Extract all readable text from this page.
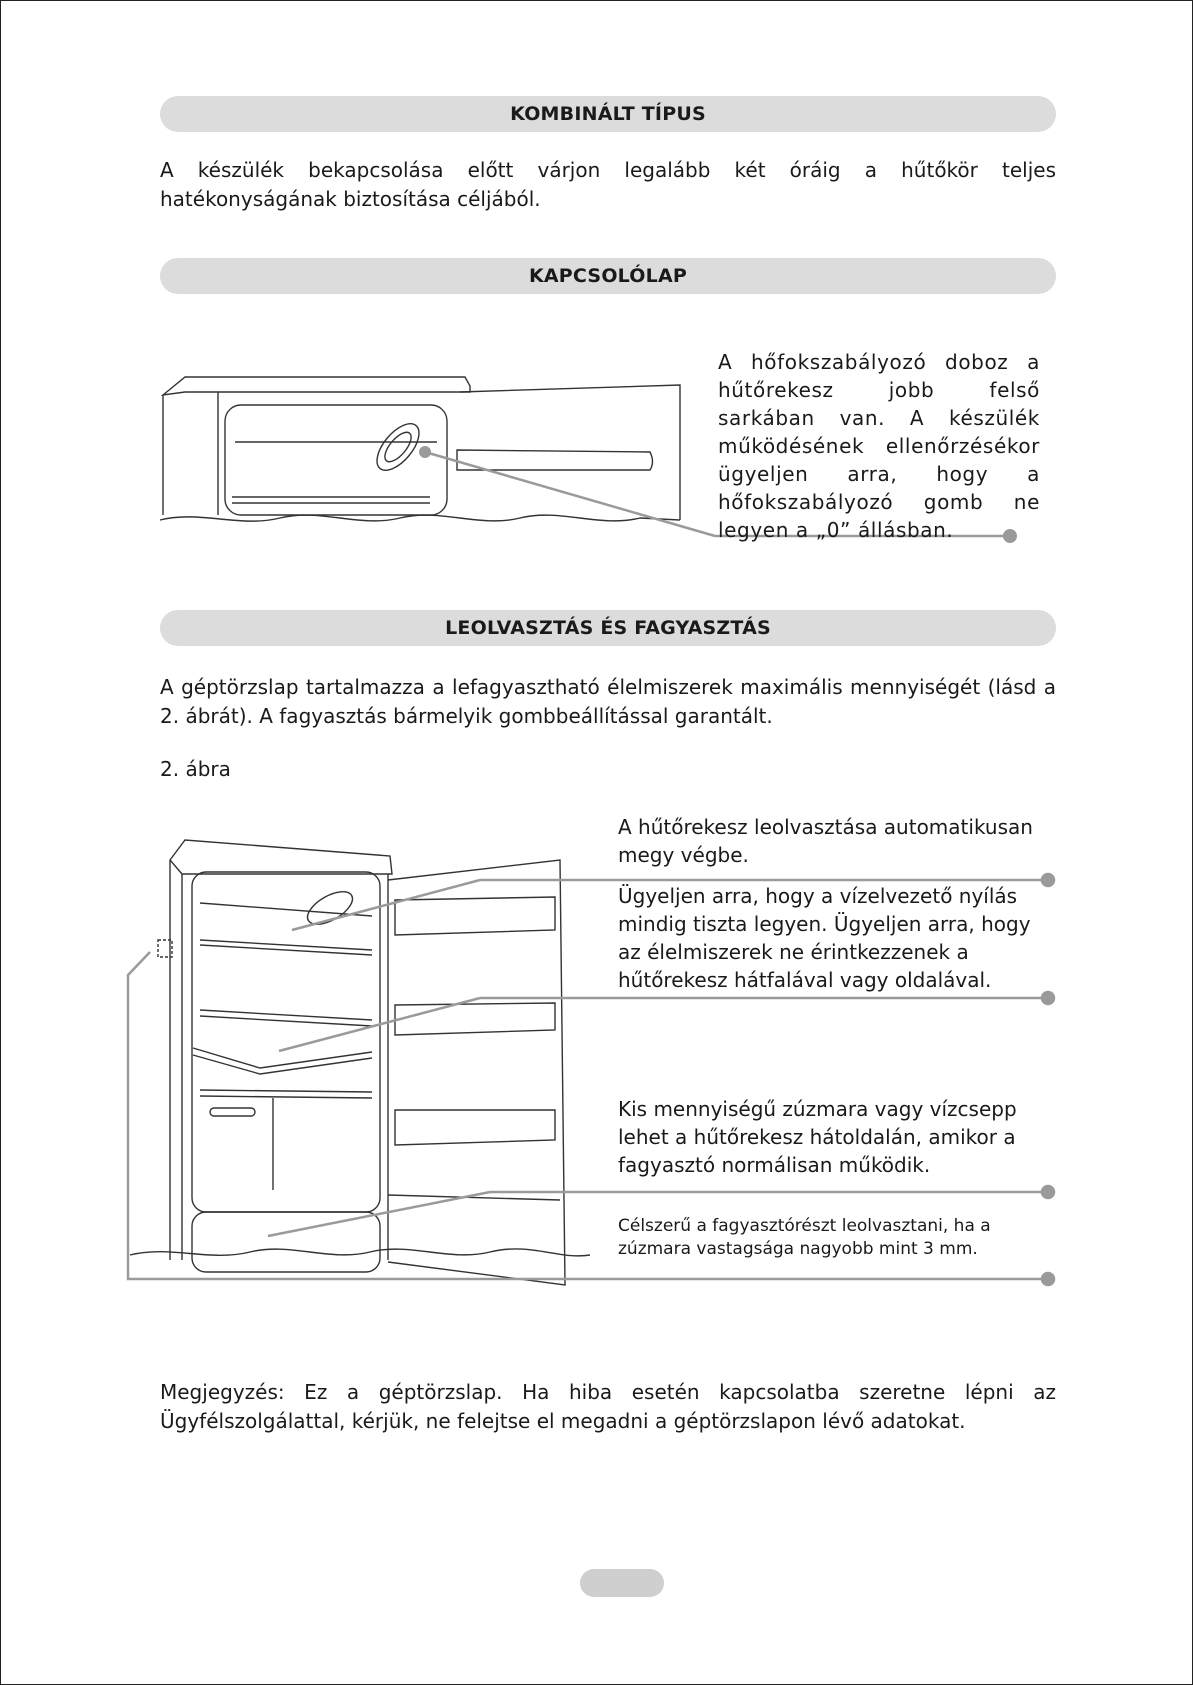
KOMBINÁLT TÍPUS

A készülék bekapcsolása előtt várjon legalább két óráig a hűtőkör teljes hatékonyságának biztosítása céljából.

KAPCSOLÓLAP

A hőfokszabályozó doboz a hűtőrekesz jobb felső sarkában van. A készülék működésének ellenőrzésékor ügyeljen arra, hogy a hőfokszabályozó gomb ne legyen a „0” állásban.

LEOLVASZTÁS ÉS FAGYASZTÁS

A géptörzslap tartalmazza a lefagyasztható élelmiszerek maximális mennyiségét (lásd a 2. ábrát). A fagyasztás bármelyik gombbeállítással garantált.

2. ábra

A hűtőrekesz leolvasztása automatikusan megy végbe.

Ügyeljen arra, hogy a vízelvezető nyílás mindig tiszta legyen. Ügyeljen arra, hogy az élelmiszerek ne érintkezzenek a hűtőrekesz hátfalával vagy oldalával.

Kis mennyiségű zúzmara vagy vízcsepp lehet a hűtőrekesz hátoldalán, amikor a fagyasztó normálisan működik.

Célszerű a fagyasztórészt leolvasztani, ha a zúzmara vastagsága nagyobb mint 3 mm.

Megjegyzés: Ez a géptörzslap. Ha hiba esetén kapcsolatba szeretne lépni az Ügyfélszolgálattal, kérjük, ne felejtse el megadni a géptörzslapon lévő adatokat.
